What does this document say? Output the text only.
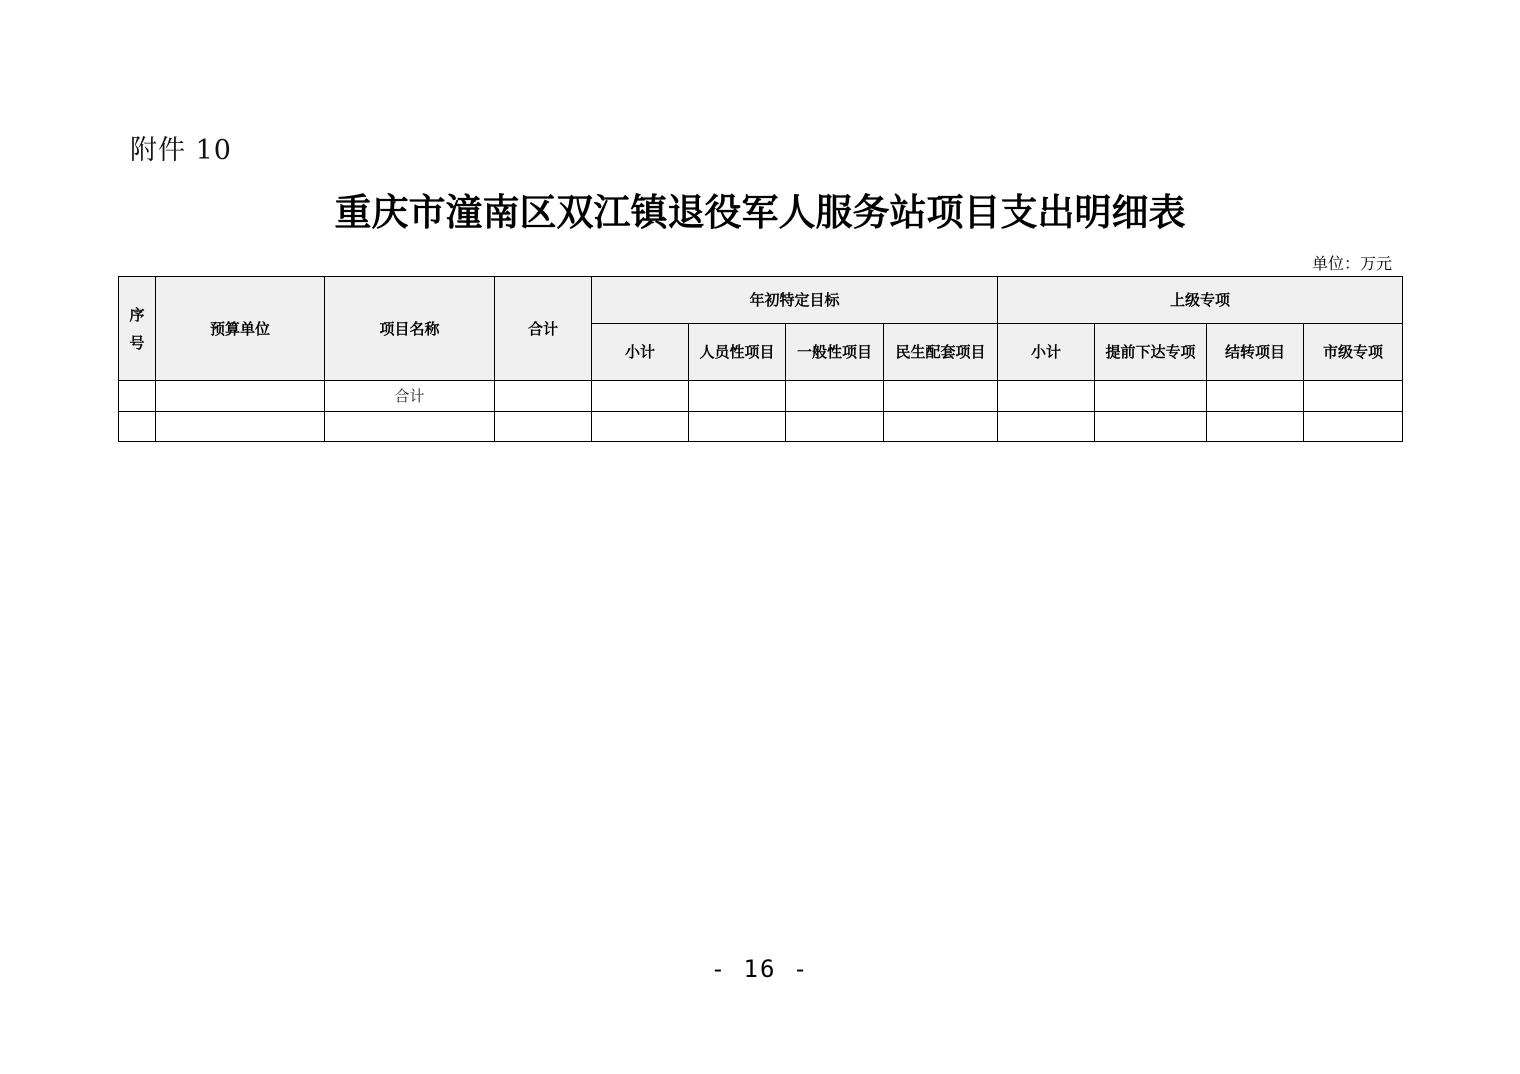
附件 10
重庆市潼南区双江镇退役军人服务站项目支出明细表
单位：万元
序号	预算单位	项目名称	合计	年初特定目标				上级专项			
				小计	人员性项目	一般性项目	民生配套项目	小计	提前下达专项	结转项目	市级专项
		合计									

- 16 -
